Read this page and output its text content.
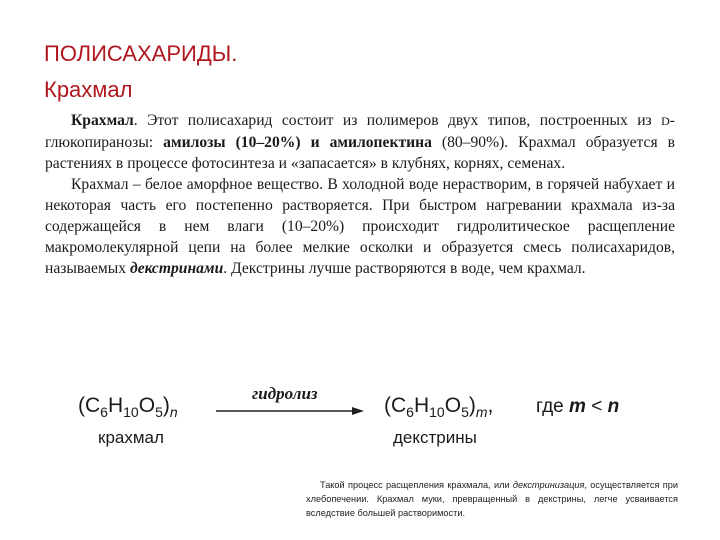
ПОЛИСАХАРИДЫ.
Крахмал

Крахмал. Этот полисахарид состоит из полимеров двух типов, построенных из D-глюкопиранозы: амилозы (10–20%) и амилопектина (80–90%). Крахмал образуется в растениях в процессе фотосинтеза и «запасается» в клубнях, корнях, семенах.

Крахмал – белое аморфное вещество. В холодной воде нерастворим, в горячей набухает и некоторая часть его постепенно растворяется. При быстром нагревании крахмала из-за содержащейся в нем влаги (10–20%) происходит гидролитическое расщепление макромолекулярной цепи на более мелкие осколки и образуется смесь полисахаридов, называемых декстринами. Декстрины лучше растворяются в воде, чем крахмал.

$(C_6H_{10}O_5)_n$
крахмал
гидролиз
$(C_6H_{10}O_5)_m$,
декстрины
где m < n

Такой процесс расщепления крахмала, или декстринизация, осуществляется при хлебопечении. Крахмал муки, превращенный в декстрины, легче усваивается вследствие большей растворимости.
